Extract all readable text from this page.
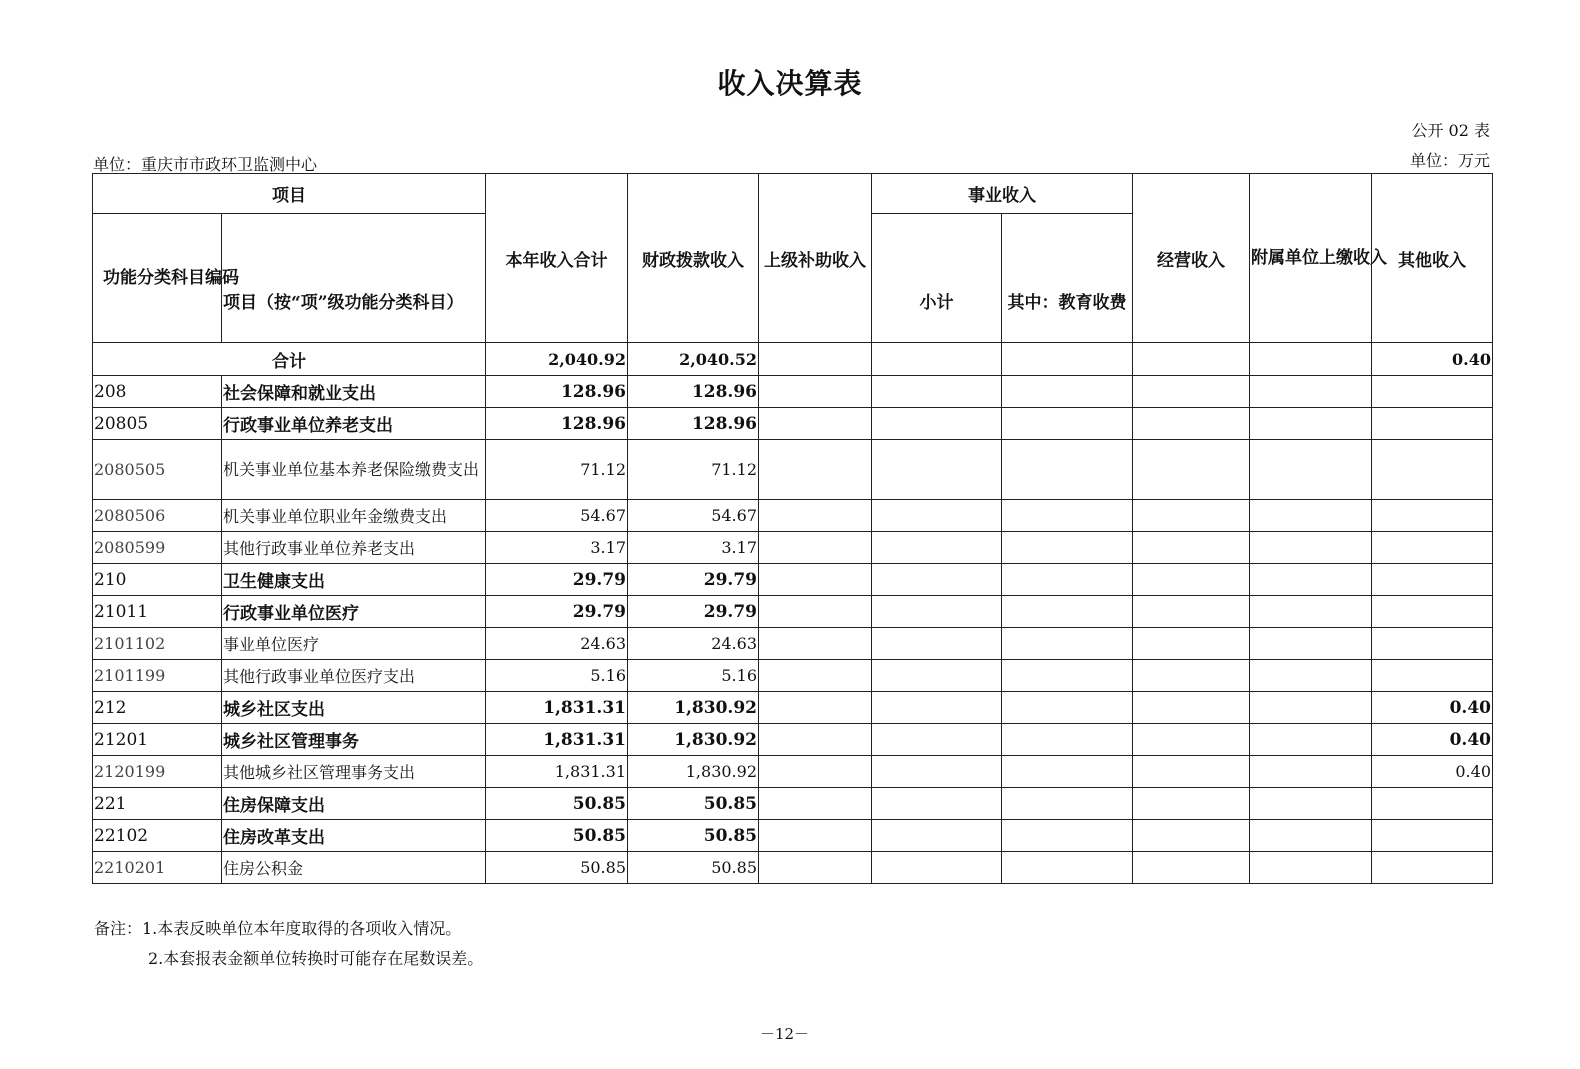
收入决算表
公开 02 表
单位：重庆市市政环卫监测中心	单位：万元
项目		本年收入合计	财政拨款收入	上级补助收入	事业收入		经营收入	附属单位上缴收入	其他收入
功能分类科目编码	项目（按“项”级功能分类科目）				小计	其中：教育收费			
合计		2,040.92	2,040.52						0.40
208	社会保障和就业支出	128.96	128.96						
20805	行政事业单位养老支出	128.96	128.96						
2080505	机关事业单位基本养老保险缴费支出	71.12	71.12						
2080506	机关事业单位职业年金缴费支出	54.67	54.67						
2080599	其他行政事业单位养老支出	3.17	3.17						
210	卫生健康支出	29.79	29.79						
21011	行政事业单位医疗	29.79	29.79						
2101102	事业单位医疗	24.63	24.63						
2101199	其他行政事业单位医疗支出	5.16	5.16						
212	城乡社区支出	1,831.31	1,830.92						0.40
21201	城乡社区管理事务	1,831.31	1,830.92						0.40
2120199	其他城乡社区管理事务支出	1,831.31	1,830.92						0.40
221	住房保障支出	50.85	50.85						
22102	住房改革支出	50.85	50.85						
2210201	住房公积金	50.85	50.85						
备注：1.本表反映单位本年度取得的各项收入情况。
2.本套报表金额单位转换时可能存在尾数误差。
－12－
